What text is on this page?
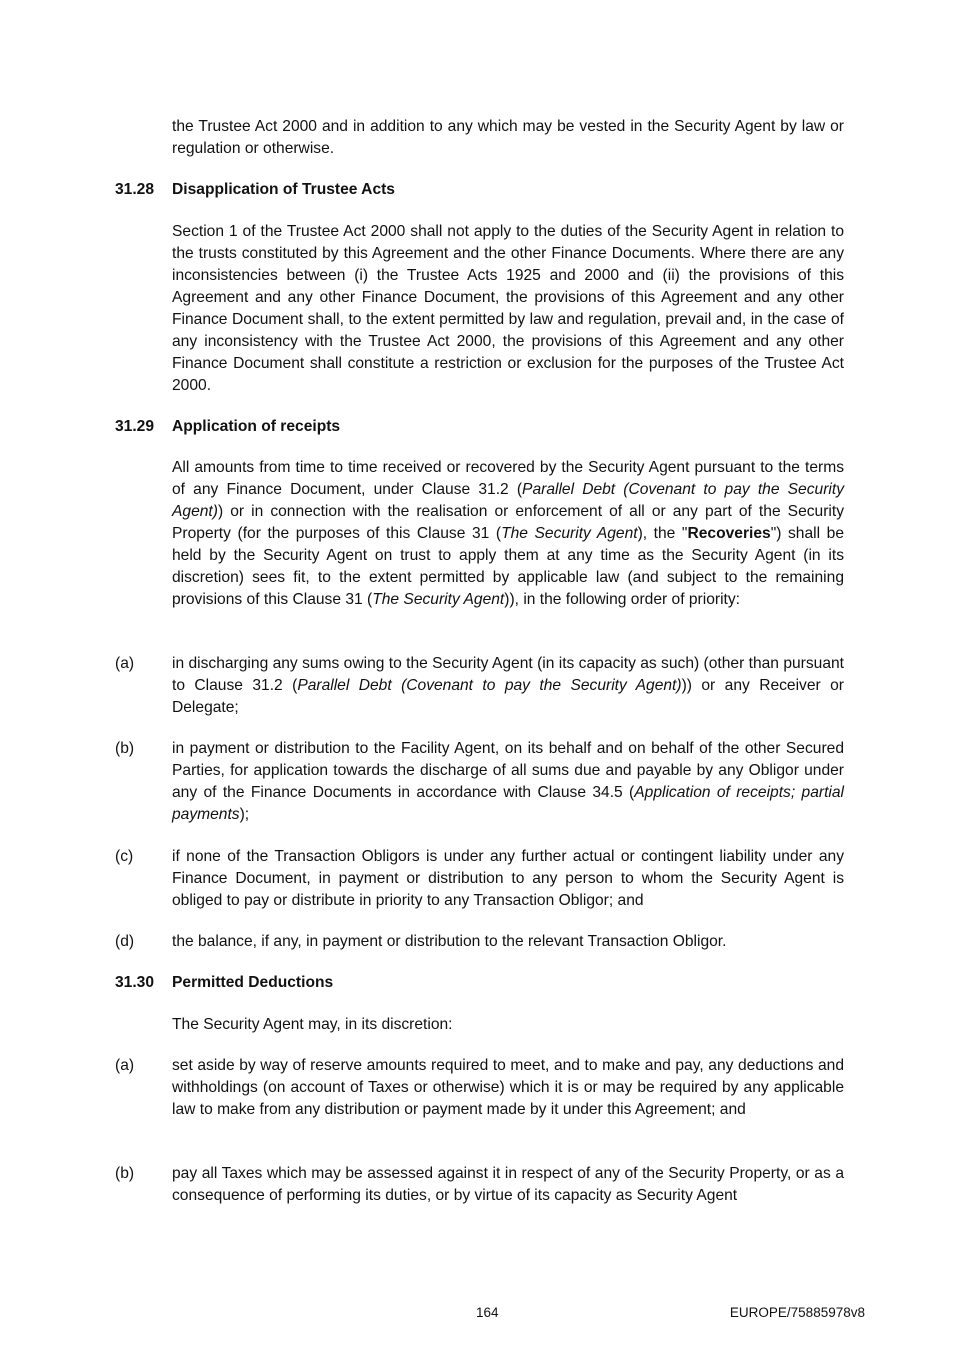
the Trustee Act 2000 and in addition to any which may be vested in the Security Agent by law or regulation or otherwise.

31.28 Disapplication of Trustee Acts

Section 1 of the Trustee Act 2000 shall not apply to the duties of the Security Agent in relation to the trusts constituted by this Agreement and the other Finance Documents. Where there are any inconsistencies between (i) the Trustee Acts 1925 and 2000 and (ii) the provisions of this Agreement and any other Finance Document, the provisions of this Agreement and any other Finance Document shall, to the extent permitted by law and regulation, prevail and, in the case of any inconsistency with the Trustee Act 2000, the provisions of this Agreement and any other Finance Document shall constitute a restriction or exclusion for the purposes of the Trustee Act 2000.

31.29 Application of receipts

All amounts from time to time received or recovered by the Security Agent pursuant to the terms of any Finance Document, under Clause 31.2 (Parallel Debt (Covenant to pay the Security Agent)) or in connection with the realisation or enforcement of all or any part of the Security Property (for the purposes of this Clause 31 (The Security Agent), the "Recoveries") shall be held by the Security Agent on trust to apply them at any time as the Security Agent (in its discretion) sees fit, to the extent permitted by applicable law (and subject to the remaining provisions of this Clause 31 (The Security Agent)), in the following order of priority:

(a) in discharging any sums owing to the Security Agent (in its capacity as such) (other than pursuant to Clause 31.2 (Parallel Debt (Covenant to pay the Security Agent))) or any Receiver or Delegate;

(b) in payment or distribution to the Facility Agent, on its behalf and on behalf of the other Secured Parties, for application towards the discharge of all sums due and payable by any Obligor under any of the Finance Documents in accordance with Clause 34.5 (Application of receipts; partial payments);

(c) if none of the Transaction Obligors is under any further actual or contingent liability under any Finance Document, in payment or distribution to any person to whom the Security Agent is obliged to pay or distribute in priority to any Transaction Obligor; and

(d) the balance, if any, in payment or distribution to the relevant Transaction Obligor.

31.30 Permitted Deductions

The Security Agent may, in its discretion:

(a) set aside by way of reserve amounts required to meet, and to make and pay, any deductions and withholdings (on account of Taxes or otherwise) which it is or may be required by any applicable law to make from any distribution or payment made by it under this Agreement; and

(b) pay all Taxes which may be assessed against it in respect of any of the Security Property, or as a consequence of performing its duties, or by virtue of its capacity as Security Agent

164	EUROPE/75885978v8
